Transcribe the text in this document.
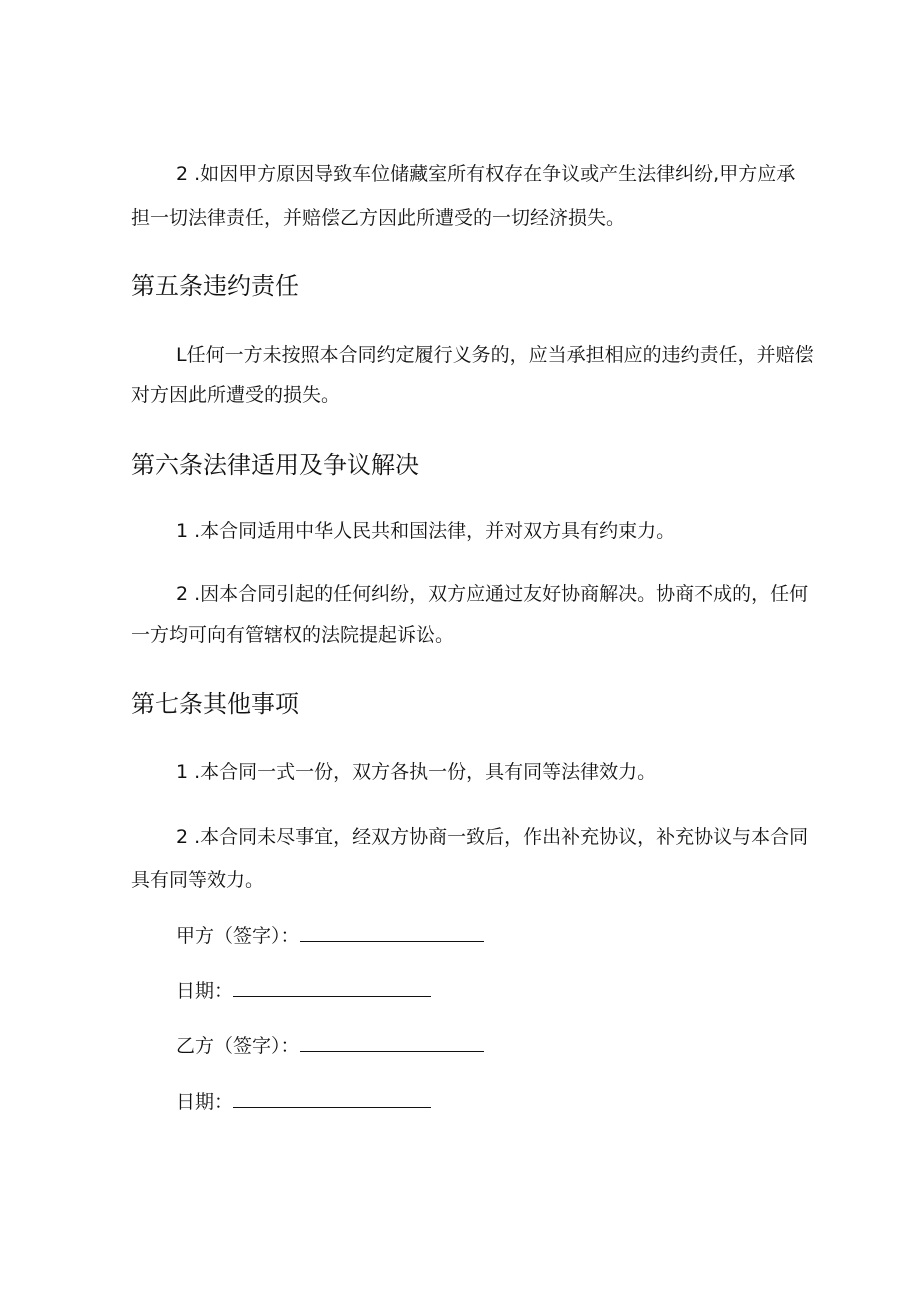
2 .如因甲方原因导致车位储藏室所有权存在争议或产生法律纠纷,甲方应承
担一切法律责任，并赔偿乙方因此所遭受的一切经济损失。
第五条违约责任
L任何一方未按照本合同约定履行义务的，应当承担相应的违约责任，并赔偿
对方因此所遭受的损失。
第六条法律适用及争议解决
1 .本合同适用中华人民共和国法律，并对双方具有约束力。
2 .因本合同引起的任何纠纷，双方应通过友好协商解决。协商不成的，任何
一方均可向有管辖权的法院提起诉讼。
第七条其他事项
1 .本合同一式一份，双方各执一份，具有同等法律效力。
2 .本合同未尽事宜，经双方协商一致后，作出补充协议，补充协议与本合同
具有同等效力。
甲方（签字）：
日期：
乙方（签字）：
日期：
